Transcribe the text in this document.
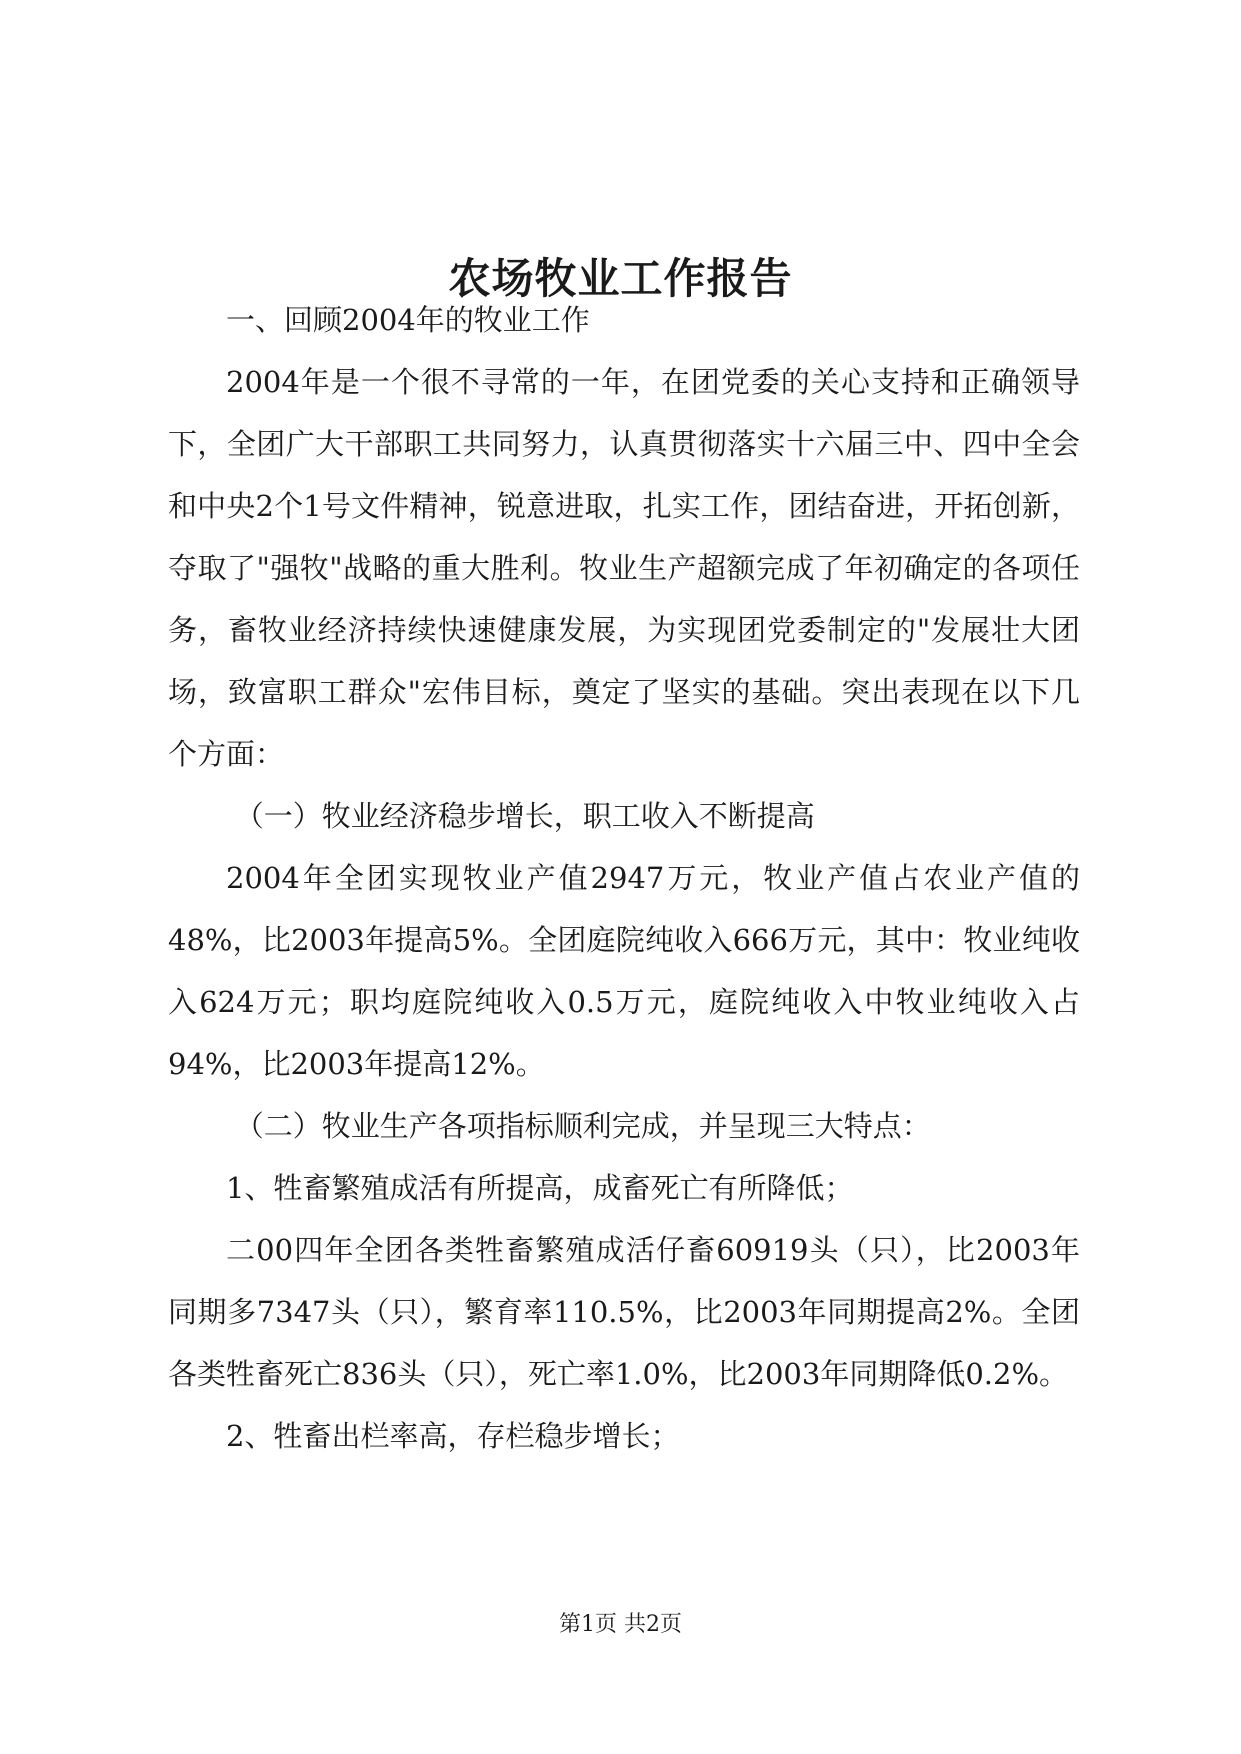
农场牧业工作报告

一、回顾2004年的牧业工作

2004年是一个很不寻常的一年，在团党委的关心支持和正确领导下，全团广大干部职工共同努力，认真贯彻落实十六届三中、四中全会和中央2个1号文件精神，锐意进取，扎实工作，团结奋进，开拓创新，夺取了"强牧"战略的重大胜利。牧业生产超额完成了年初确定的各项任务，畜牧业经济持续快速健康发展，为实现团党委制定的"发展壮大团场，致富职工群众"宏伟目标，奠定了坚实的基础。突出表现在以下几个方面：

（一）牧业经济稳步增长，职工收入不断提高

2004年全团实现牧业产值2947万元，牧业产值占农业产值的48%，比2003年提高5%。全团庭院纯收入666万元，其中：牧业纯收入624万元；职均庭院纯收入0.5万元，庭院纯收入中牧业纯收入占94%，比2003年提高12%。

（二）牧业生产各项指标顺利完成，并呈现三大特点：

1、牲畜繁殖成活有所提高，成畜死亡有所降低；

二00四年全团各类牲畜繁殖成活仔畜60919头（只），比2003年同期多7347头（只），繁育率110.5%，比2003年同期提高2%。全团各类牲畜死亡836头（只），死亡率1.0%，比2003年同期降低0.2%。

2、牲畜出栏率高，存栏稳步增长；

第1页 共2页
